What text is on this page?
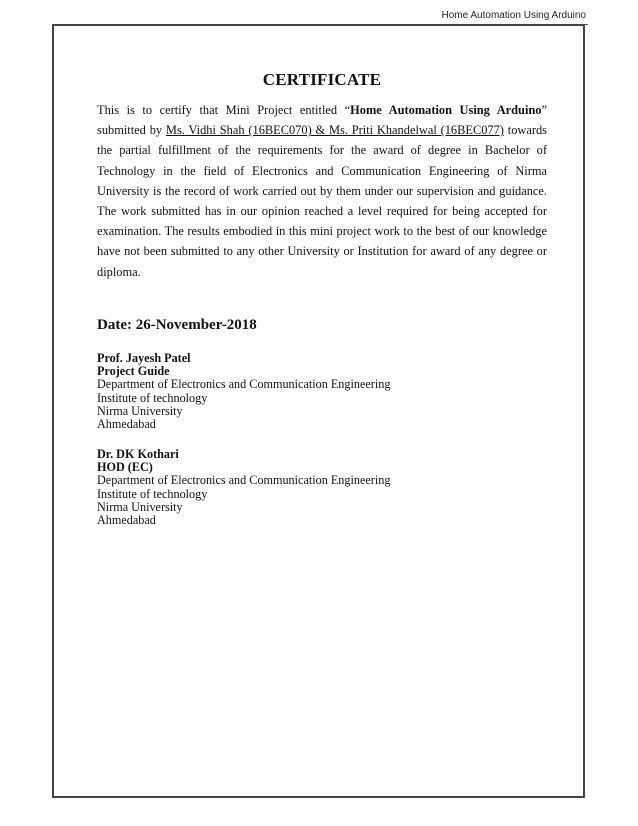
Home Automation Using Arduino
CERTIFICATE

This is to certify that Mini Project entitled “Home Automation Using Arduino” submitted by Ms. Vidhi Shah (16BEC070) & Ms. Priti Khandelwal (16BEC077) towards the partial fulfillment of the requirements for the award of degree in Bachelor of Technology in the field of Electronics and Communication Engineering of Nirma University is the record of work carried out by them under our supervision and guidance. The work submitted has in our opinion reached a level required for being accepted for examination. The results embodied in this mini project work to the best of our knowledge have not been submitted to any other University or Institution for award of any degree or diploma.

Date: 26-November-2018
Prof. Jayesh Patel
Project Guide
Department of Electronics and Communication Engineering
Institute of technology
Nirma University
Ahmedabad
Dr. DK Kothari
HOD (EC)
Department of Electronics and Communication Engineering
Institute of technology
Nirma University
Ahmedabad
